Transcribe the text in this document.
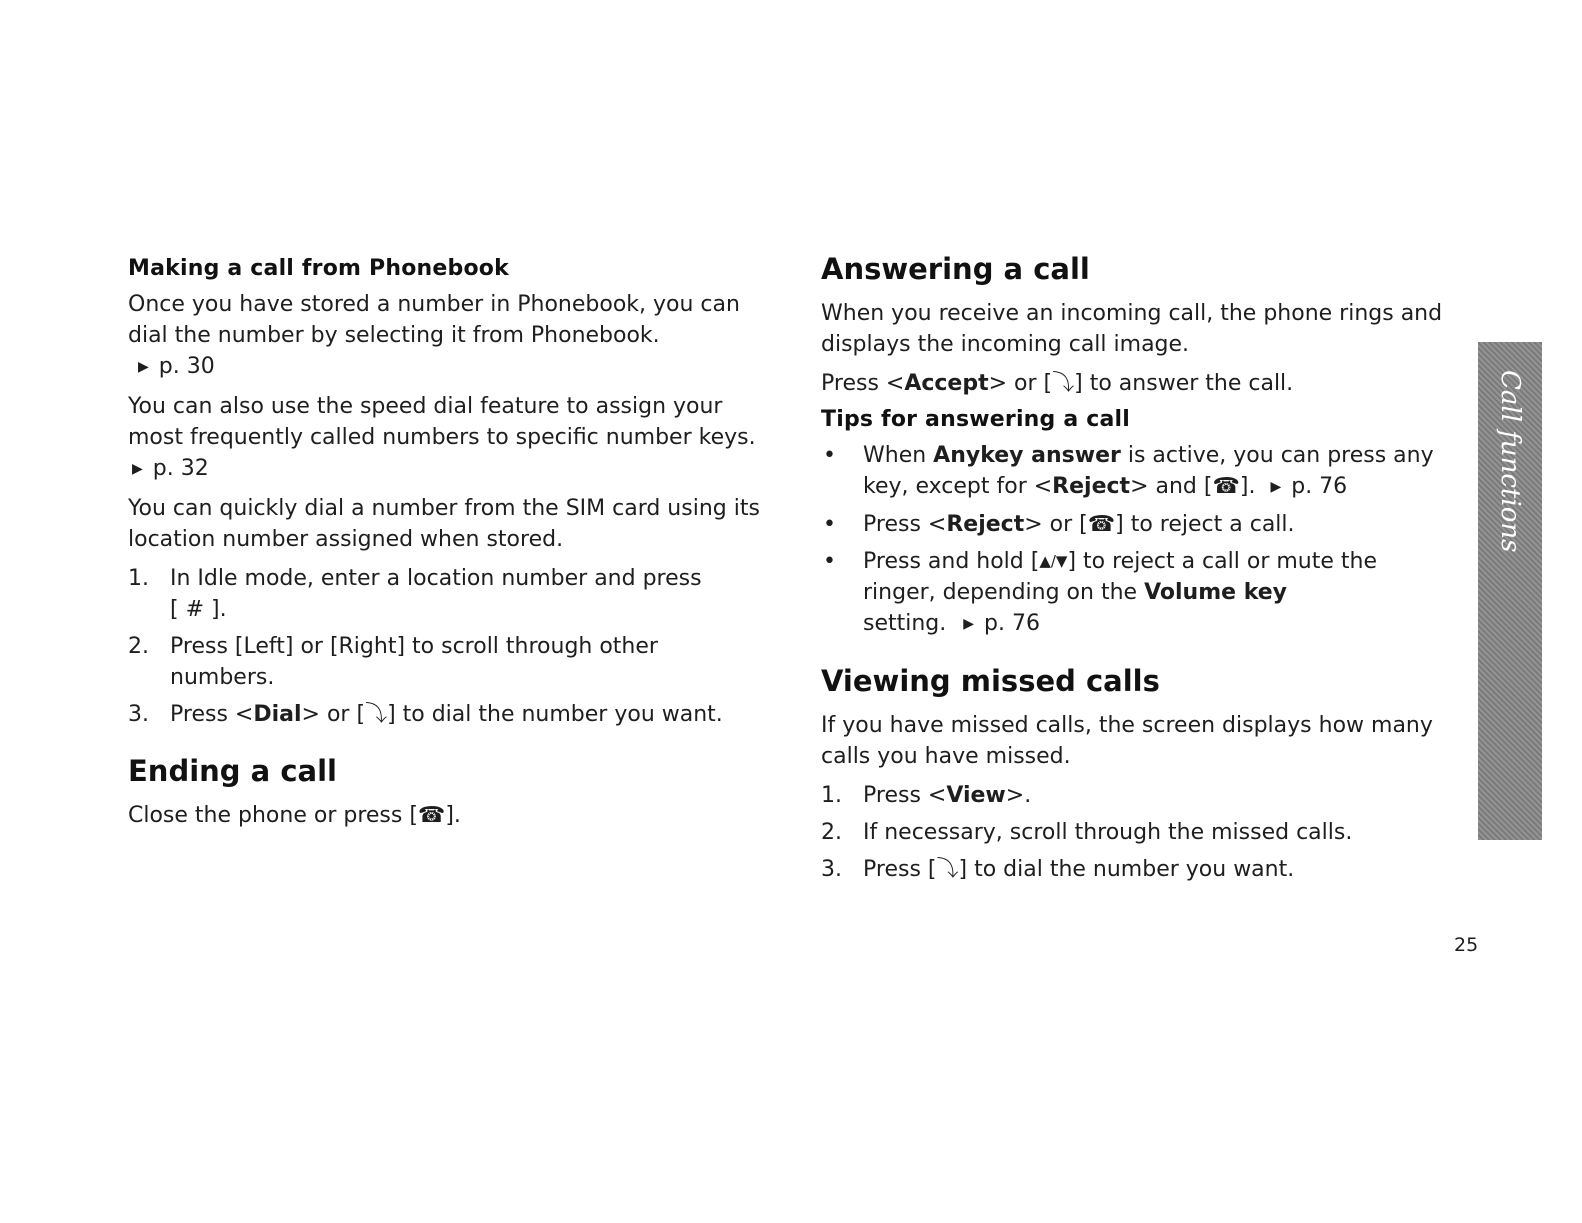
Making a call from Phonebook

Once you have stored a number in Phonebook, you can dial the number by selecting it from Phonebook.
▶ p. 30

You can also use the speed dial feature to assign your most frequently called numbers to specific number keys. ▶ p. 32

You can quickly dial a number from the SIM card using its location number assigned when stored.

1. In Idle mode, enter a location number and press
[ # ].
2. Press [Left] or [Right] to scroll through other numbers.
3. Press <Dial> or [⤵] to dial the number you want.
Ending a call

Close the phone or press [☎].

Answering a call

When you receive an incoming call, the phone rings and displays the incoming call image.

Press <Accept> or [⤵] to answer the call.

Tips for answering a call
• When Anykey answer is active, you can press any key, except for <Reject> and [☎]. ▶ p. 76
• Press <Reject> or [☎] to reject a call.
• Press and hold [▲/▼] to reject a call or mute the ringer, depending on the Volume key
setting. ▶ p. 76
Viewing missed calls

If you have missed calls, the screen displays how many calls you have missed.

1. Press <View>.
2. If necessary, scroll through the missed calls.
3. Press [⤵] to dial the number you want.
Call functions
25
